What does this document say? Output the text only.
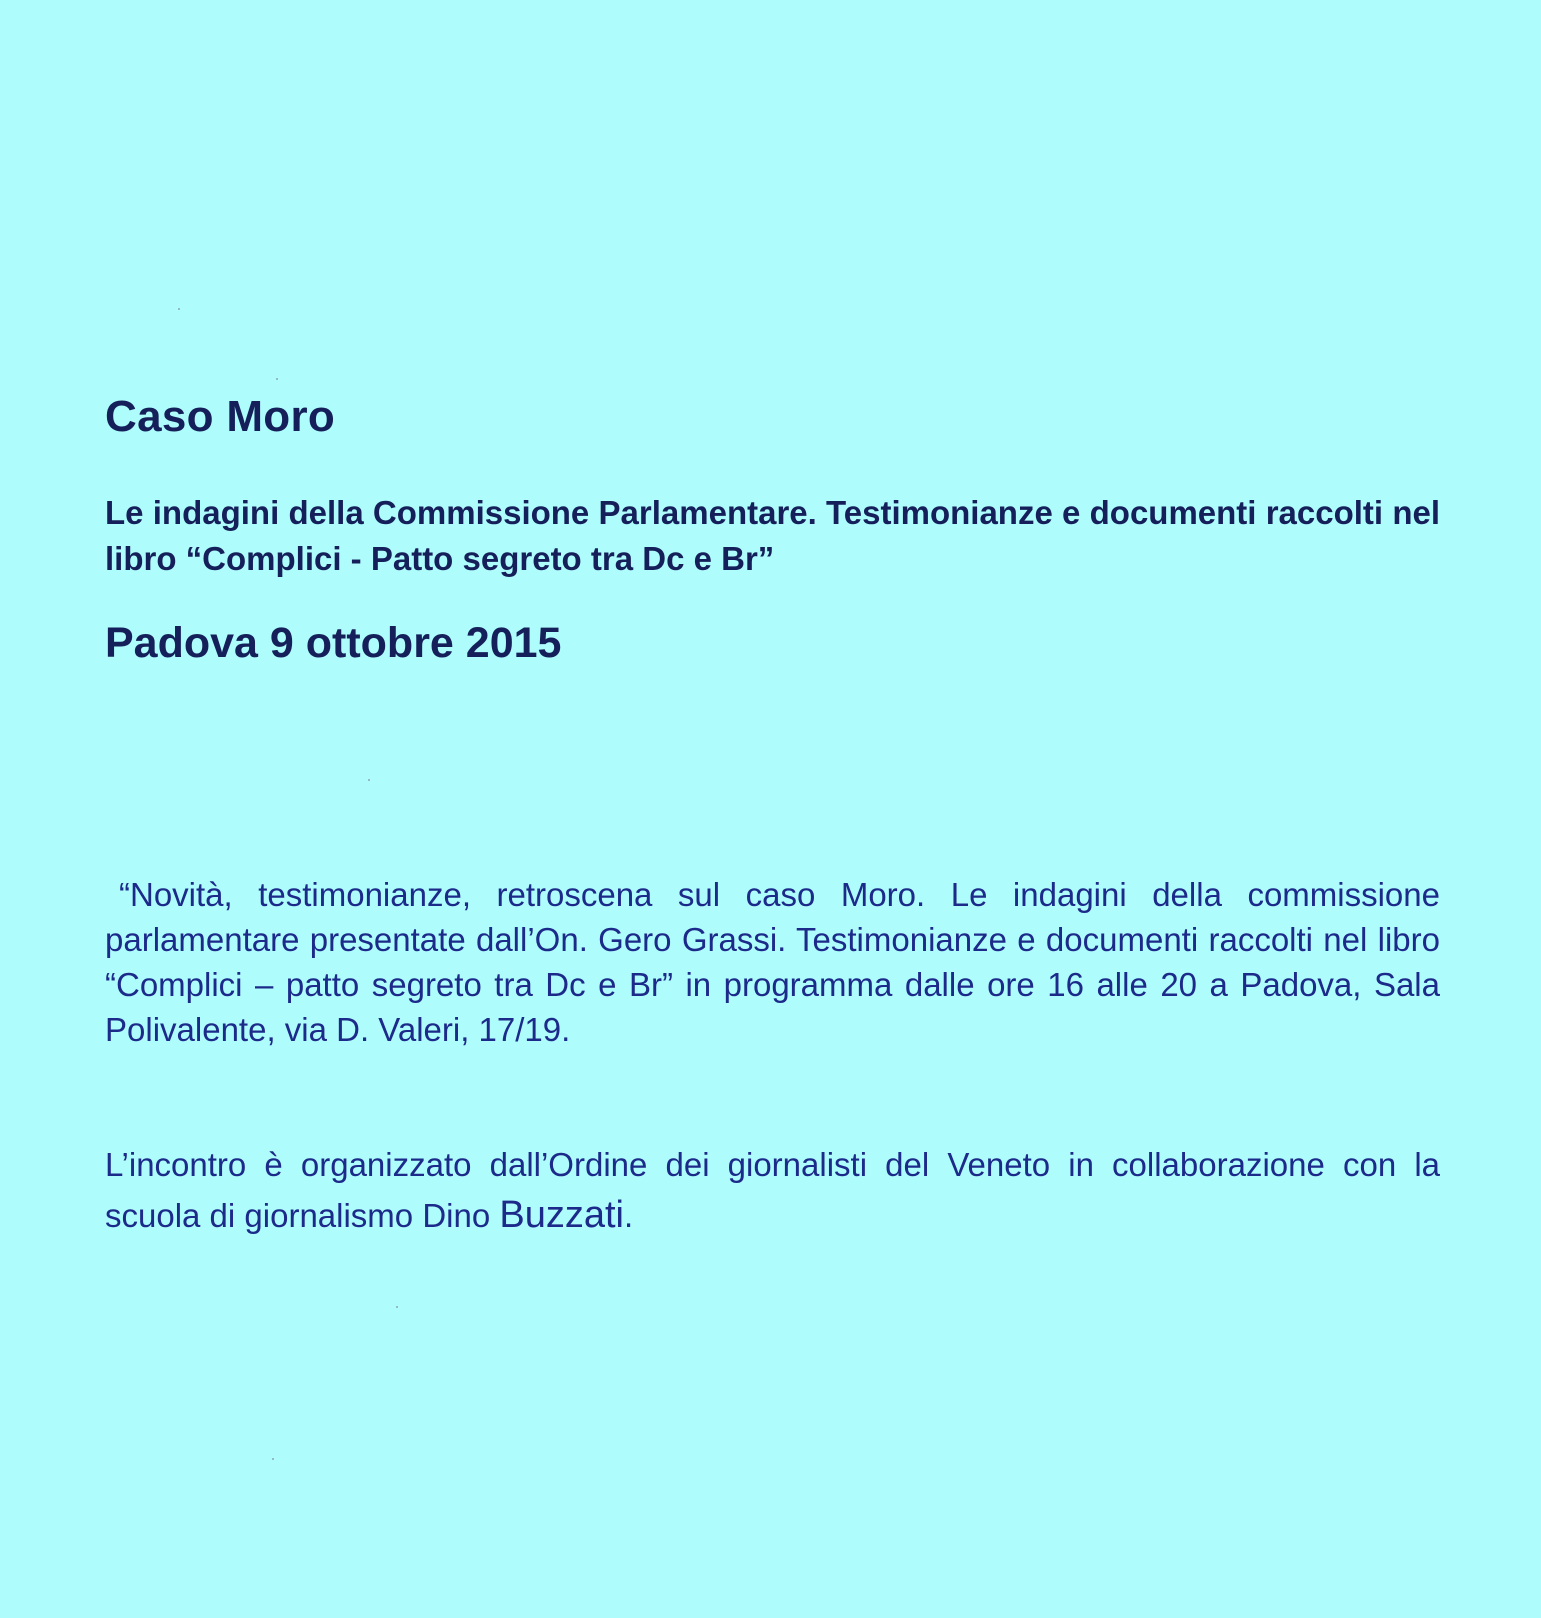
Caso Moro

Le indagini della Commissione Parlamentare. Testimonianze e documenti raccolti nel libro “Complici - Patto segreto tra Dc e Br”

Padova 9 ottobre 2015

“Novità, testimonianze, retroscena sul caso Moro. Le indagini della commissione parlamentare presentate dall’On. Gero Grassi. Testimonianze e documenti raccolti nel libro “Complici – patto segreto tra Dc e Br” in programma dalle ore 16 alle 20 a Padova, Sala Polivalente, via D. Valeri, 17/19.

L’incontro è organizzato dall’Ordine dei giornalisti del Veneto in collaborazione con la scuola di giornalismo Dino Buzzati.
